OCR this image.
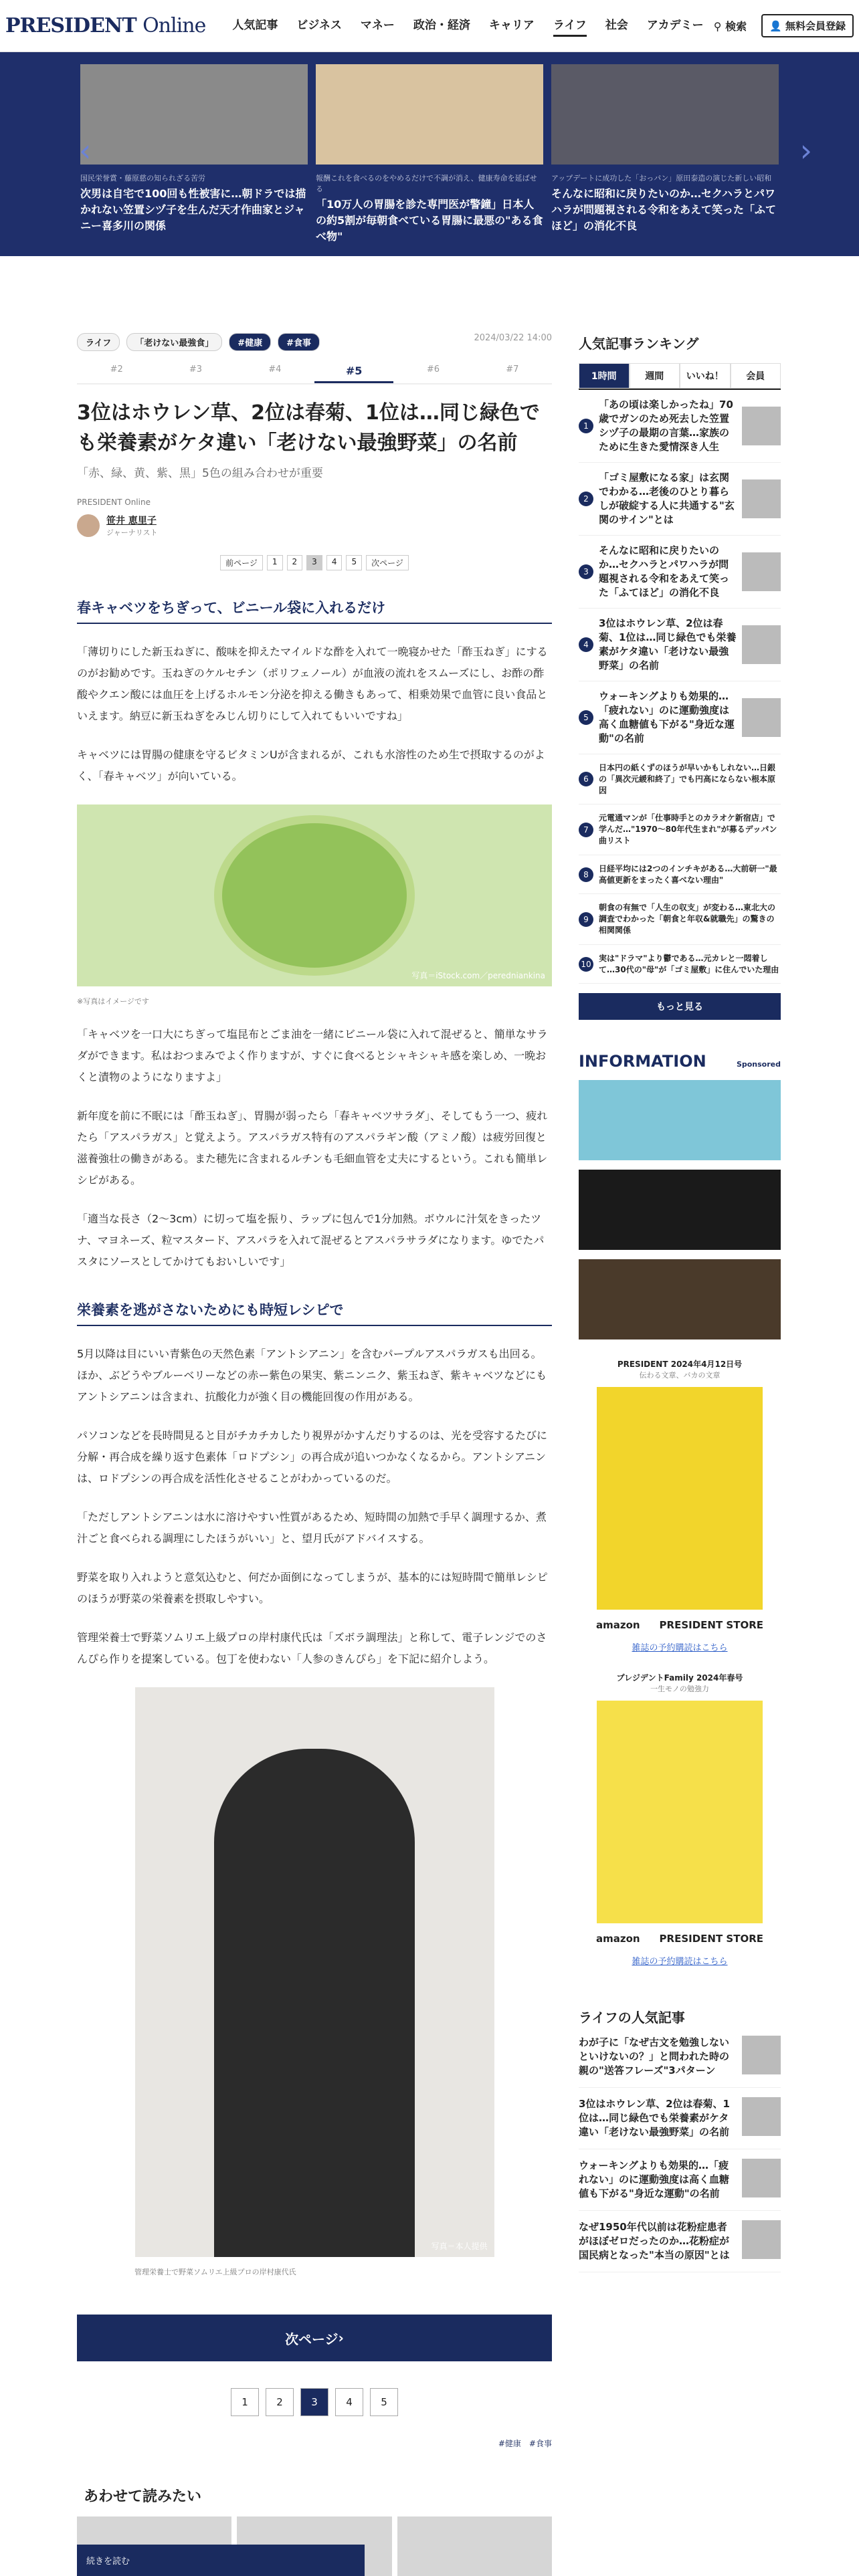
PRESIDENT Online 人気記事 ビジネス マネー 政治・経済 キャリア ライフ 社会 アカデミー ⚲ 検索	👤 無料会員登録
‹
国民栄誉賞・藤原慈の知られざる苦労
次男は自宅で100回も性被害に…朝ドラでは描かれない笠置シヅ子を生んだ天才作曲家とジャニー喜多川の関係
報酬これを食べるのをやめるだけで不調が消え、健康寿命を延ばせる
「10万人の胃腸を診た専門医が警鐘」日本人の約5割が毎朝食べている胃腸に最悪の"ある食べ物"
アップデートに成功した「おっパン」原田泰造の演じた新しい昭和
そんなに昭和に戻りたいのか…セクハラとパワハラが問題視される令和をあえて笑った「ふてほど」の消化不良
›
ライフ	「老けない最強食」	#健康	#食事
2024/03/22 14:00
#2	#3	#4	#5	#6	#7
3位はホウレン草、2位は春菊、1位は…同じ緑色でも栄養素がケタ違い「老けない最強野菜」の名前
「赤、緑、黄、紫、黒」5色の組み合わせが重要
PRESIDENT Online
笹井 恵里子
ジャーナリスト
前ページ	1	2	3	4	5	次ページ
春キャベツをちぎって、ビニール袋に入れるだけ

「薄切りにした新玉ねぎに、酸味を抑えたマイルドな酢を入れて一晩寝かせた「酢玉ねぎ」にするのがお勧めです。玉ねぎのケルセチン（ポリフェノール）が血液の流れをスムーズにし、お酢の酢酸やクエン酸には血圧を上げるホルモン分泌を抑える働きもあって、相乗効果で血管に良い食品といえます。納豆に新玉ねぎをみじん切りにして入れてもいいですね」

キャベツには胃腸の健康を守るビタミンUが含まれるが、これも水溶性のため生で摂取するのがよく、「春キャベツ」が向いている。

写真＝iStock.com／peredniankina
※写真はイメージです

「キャベツを一口大にちぎって塩昆布とごま油を一緒にビニール袋に入れて混ぜると、簡単なサラダができます。私はおつまみでよく作りますが、すぐに食べるとシャキシャキ感を楽しめ、一晩おくと漬物のようになりますよ」

新年度を前に不眠には「酢玉ねぎ」、胃腸が弱ったら「春キャベツサラダ」、そしてもう一つ、疲れたら「アスパラガス」と覚えよう。アスパラガス特有のアスパラギン酸（アミノ酸）は疲労回復と滋養強壮の働きがある。また穂先に含まれるルチンも毛細血管を丈夫にするという。これも簡単レシピがある。

「適当な長さ（2〜3cm）に切って塩を振り、ラップに包んで1分加熱。ボウルに汁気をきったツナ、マヨネーズ、粒マスタード、アスパラを入れて混ぜるとアスパラサラダになります。ゆでたパスタにソースとしてかけてもおいしいです」

栄養素を逃がさないためにも時短レシピで

5月以降は目にいい青紫色の天然色素「アントシアニン」を含むパープルアスパラガスも出回る。ほか、ぶどうやブルーベリーなどの赤ー紫色の果実、紫ニンニク、紫玉ねぎ、紫キャベツなどにもアントシアニンは含まれ、抗酸化力が強く目の機能回復の作用がある。

パソコンなどを長時間見ると目がチカチカしたり視界がかすんだりするのは、光を受容するたびに分解・再合成を繰り返す色素体「ロドプシン」の再合成が追いつかなくなるから。アントシアニンは、ロドプシンの再合成を活性化させることがわかっているのだ。

「ただしアントシアニンは水に溶けやすい性質があるため、短時間の加熱で手早く調理するか、煮汁ごと食べられる調理にしたほうがいい」と、望月氏がアドバイスする。

野菜を取り入れようと意気込むと、何だか面倒になってしまうが、基本的には短時間で簡単レシピのほうが野菜の栄養素を摂取しやすい。

管理栄養士で野菜ソムリエ上級プロの岸村康代氏は「ズボラ調理法」と称して、電子レンジでのさんぴら作りを提案している。包丁を使わない「人参のきんぴら」を下記に紹介しよう。

写真＝本人提供
管理栄養士で野菜ソムリエ上級プロの岸村康代氏
次ページ ›
1	2	3	4	5
#健康　#食事
あわせて読みたい
人気記事ランキング
1時間	週間	いいね！	会員
1
「あの頃は楽しかったね」70歳でガンのため死去した笠置シヅ子の最期の言葉…家族のために生きた愛情深き人生
2
「ゴミ屋敷になる家」は玄関でわかる…老後のひとり暮らしが破綻する人に共通する"玄関のサイン"とは
3
そんなに昭和に戻りたいのか…セクハラとパワハラが問題視される令和をあえて笑った「ふてほど」の消化不良
4
3位はホウレン草、2位は春菊、1位は…同じ緑色でも栄養素がケタ違い「老けない最強野菜」の名前
5
ウォーキングよりも効果的…「疲れない」のに運動強度は高く血糖値も下がる"身近な運動"の名前
6
日本円の紙くずのほうが早いかもしれない…日銀の「異次元緩和終了」でも円高にならない根本原因
7
元電通マンが「仕事時手とのカラオケ新宿店」で学んだ…"1970〜80年代生まれ"が募るデッパン曲リスト
8
日経平均には2つのインチキがある…大前研一"最高値更新をまったく喜べない理由"
9
朝食の有無で「人生の収支」が変わる…東北大の調査でわかった「朝食と年収&就職先」の驚きの相関関係
10
実は"ドラマ"より鬱である…元カレと一悶着して…30代の"母"が「ゴミ屋敷」に住んでいた理由
もっと見る
INFORMATION	Sponsored
PRESIDENT 2024年4月12日号
伝わる文章、バカの文章
amazon PRESIDENT STORE
雑誌の予約購読はこちら
プレジデントFamily 2024年春号
一生モノの勉強力
amazon PRESIDENT STORE
雑誌の予約購読はこちら
ライフの人気記事
わが子に「なぜ古文を勉強しないといけないの？」と問われた時の親の"送答フレーズ"3パターン
3位はホウレン草、2位は春菊、1位は…同じ緑色でも栄養素がケタ違い「老けない最強野菜」の名前
ウォーキングよりも効果的…「疲れない」のに運動強度は高く血糖値も下がる"身近な運動"の名前
なぜ1950年代以前は花粉症患者がほぼゼロだったのか…花粉症が国民病となった"本当の原因"とは
続きを読む
